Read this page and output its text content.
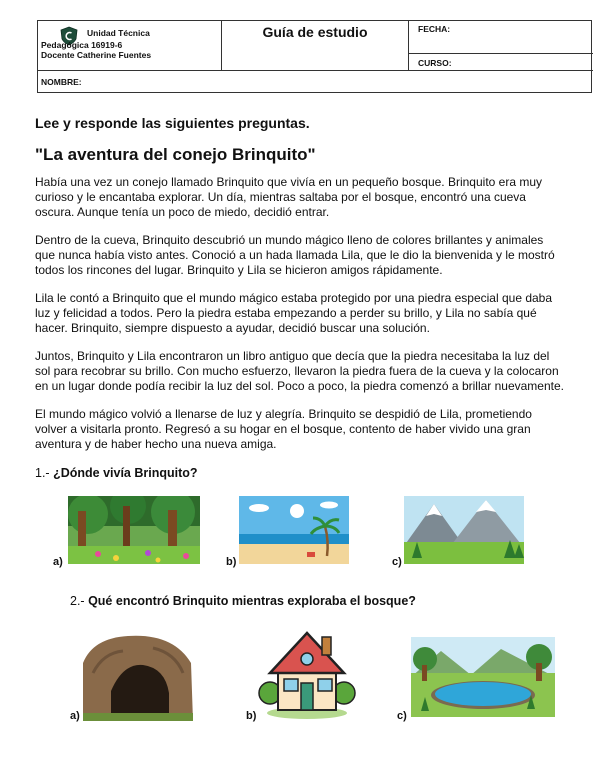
Unidad Técnica
Pedagógica 16919-6
Docente Catherine Fuentes
Guía de estudio	FECHA:
CURSO:
NOMBRE:
Lee y responde las siguientes preguntas.
"La aventura del conejo Brinquito"

Había una vez un conejo llamado Brinquito que vivía en un pequeño bosque. Brinquito era muy curioso y le encantaba explorar. Un día, mientras saltaba por el bosque, encontró una cueva oscura. Aunque tenía un poco de miedo, decidió entrar.

Dentro de la cueva, Brinquito descubrió un mundo mágico lleno de colores brillantes y animales que nunca había visto antes. Conoció a un hada llamada Lila, que le dio la bienvenida y le mostró todos los rincones del lugar. Brinquito y Lila se hicieron amigos rápidamente.

Lila le contó a Brinquito que el mundo mágico estaba protegido por una piedra especial que daba luz y felicidad a todos. Pero la piedra estaba empezando a perder su brillo, y Lila no sabía qué hacer. Brinquito, siempre dispuesto a ayudar, decidió buscar una solución.

Juntos, Brinquito y Lila encontraron un libro antiguo que decía que la piedra necesitaba la luz del sol para recobrar su brillo. Con mucho esfuerzo, llevaron la piedra fuera de la cueva y la colocaron en un lugar donde podía recibir la luz del sol. Poco a poco, la piedra comenzó a brillar nuevamente.

El mundo mágico volvió a llenarse de luz y alegría. Brinquito se despidió de Lila, prometiendo volver a visitarla pronto. Regresó a su hogar en el bosque, contento de haber vivido una gran aventura y de haber hecho una nueva amiga.

1.- ¿Dónde vivía Brinquito?
a)	b)	c)
2.- Qué encontró Brinquito mientras exploraba el bosque?
a)	b)	c)
